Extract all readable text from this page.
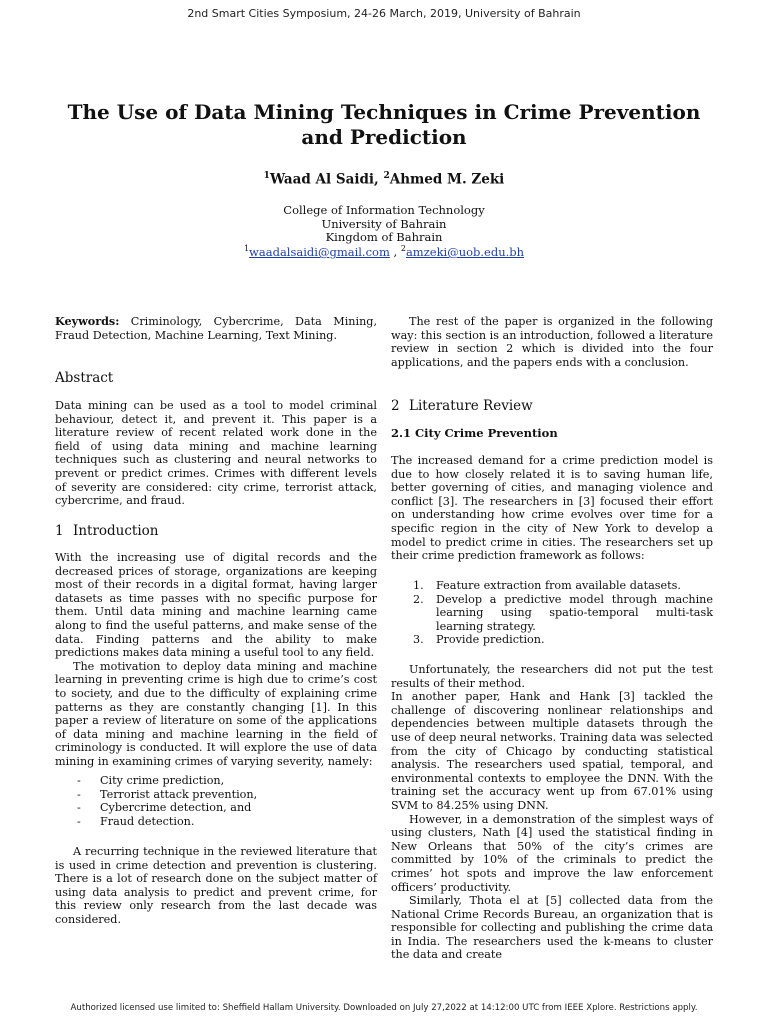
2nd Smart Cities Symposium, 24-26 March, 2019, University of Bahrain
The Use of Data Mining Techniques in Crime Prevention and Prediction
$^1$Waad Al Saidi, $^2$Ahmed M. Zeki
College of Information Technology
University of Bahrain
Kingdom of Bahrain
$^1$waadalsaidi@gmail.com , $^2$amzeki@uob.edu.bh

Keywords: Criminology, Cybercrime, Data Mining, Fraud Detection, Machine Learning, Text Mining.

Abstract

Data mining can be used as a tool to model criminal behaviour, detect it, and prevent it. This paper is a literature review of recent related work done in the field of using data mining and machine learning techniques such as clustering and neural networks to prevent or predict crimes. Crimes with different levels of severity are considered: city crime, terrorist attack, cybercrime, and fraud.

1 Introduction

With the increasing use of digital records and the decreased prices of storage, organizations are keeping most of their records in a digital format, having larger datasets as time passes with no specific purpose for them. Until data mining and machine learning came along to find the useful patterns, and make sense of the data. Finding patterns and the ability to make predictions makes data mining a useful tool to any field.

The motivation to deploy data mining and machine learning in preventing crime is high due to crime’s cost to society, and due to the difficulty of explaining crime patterns as they are constantly changing [1]. In this paper a review of literature on some of the applications of data mining and machine learning in the field of criminology is conducted. It will explore the use of data mining in examining crimes of varying severity, namely:

-	City crime prediction,
-	Terrorist attack prevention,
-	Cybercrime detection, and
-	Fraud detection.

A recurring technique in the reviewed literature that is used in crime detection and prevention is clustering. There is a lot of research done on the subject matter of using data analysis to predict and prevent crime, for this review only research from the last decade was considered.

The rest of the paper is organized in the following way: this section is an introduction, followed a literature review in section 2 which is divided into the four applications, and the papers ends with a conclusion.

2 Literature Review
2.1 City Crime Prevention

The increased demand for a crime prediction model is due to how closely related it is to saving human life, better governing of cities, and managing violence and conflict [3]. The researchers in [3] focused their effort on understanding how crime evolves over time for a specific region in the city of New York to develop a model to predict crime in cities. The researchers set up their crime prediction framework as follows:

1.	Feature extraction from available datasets.
2.	Develop a predictive model through machine learning using spatio-temporal multi-task learning strategy.
3.	Provide prediction.

Unfortunately, the researchers did not put the test results of their method.

In another paper, Hank and Hank [3] tackled the challenge of discovering nonlinear relationships and dependencies between multiple datasets through the use of deep neural networks. Training data was selected from the city of Chicago by conducting statistical analysis. The researchers used spatial, temporal, and environmental contexts to employee the DNN. With the training set the accuracy went up from 67.01% using SVM to 84.25% using DNN.

However, in a demonstration of the simplest ways of using clusters, Nath [4] used the statistical finding in New Orleans that 50% of the city’s crimes are committed by 10% of the criminals to predict the crimes’ hot spots and improve the law enforcement officers’ productivity.

Similarly, Thota el at [5] collected data from the National Crime Records Bureau, an organization that is responsible for collecting and publishing the crime data in India. The researchers used the k-means to cluster the data and create

Authorized licensed use limited to: Sheffield Hallam University. Downloaded on July 27,2022 at 14:12:00 UTC from IEEE Xplore. Restrictions apply.
